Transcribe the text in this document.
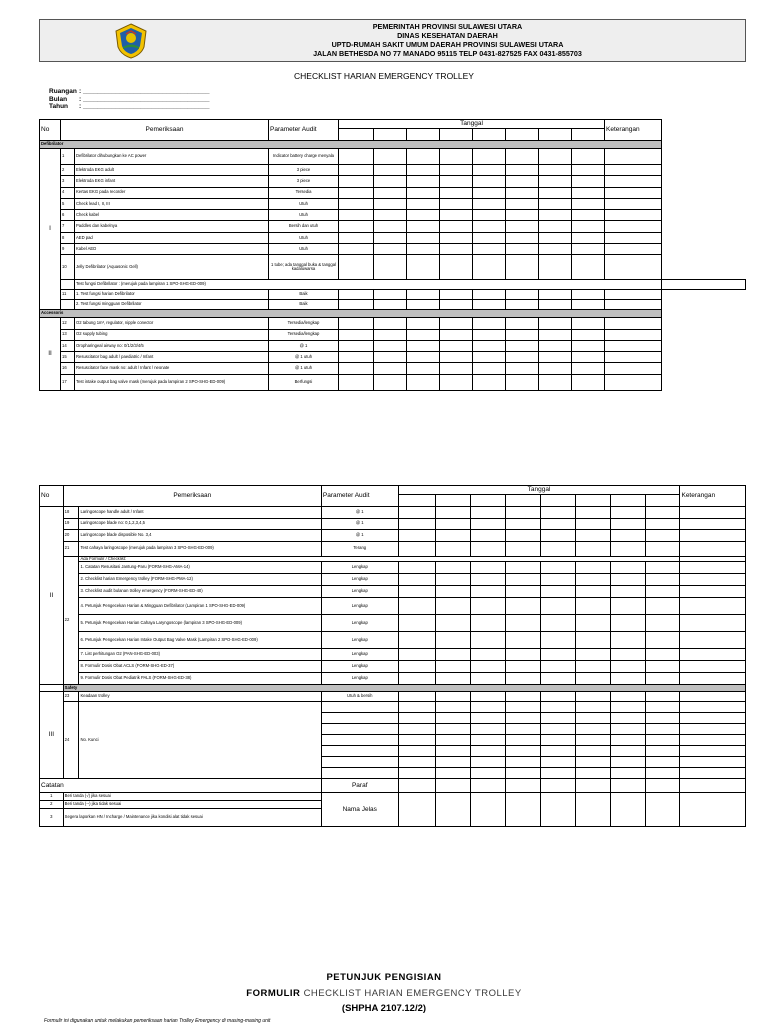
PEMERINTAH PROVINSI SULAWESI UTARA
DINAS KESEHATAN DAERAH
UPTD-RUMAH SAKIT UMUM DAERAH PROVINSI SULAWESI UTARA
JALAN BETHESDA NO 77 MANADO 95115 TELP 0431-827525 FAX 0431-855703
CHECKLIST HARIAN EMERGENCY TROLLEY
Ruangan : ___________________________________
Bulan : ___________________________________
Tahun : ___________________________________
No	Pemeriksaan		Parameter Audit	Tanggal								Keterangan	

Defibrilator													
I	1	Defibrilator dihubungkan ke AC power	Indicator battery charge menyala										
	2	Elektroda EKG adult	3 piece										
	3	Elektroda EKG infant	3 piece										
	4	Kertas EKG pada recorder	Tersedia										
	5	Check lead I, II, III	Utuh										
	6	Check kabel	Utuh										
	7	Paddles dan kabelnya	Bersih dan utuh										
	8	AED pad	Utuh										
	9	Kabel AED	Utuh										
	10	Jelly Defibrilator (Aquasonic Gell)	1 tube; ada tanggal buka & tanggal kadaluwarsa										
		Test fungsi Defibrilator : (merujuk pada lampiran 1 SPO-SHG-ED-009)											
	11	1. Test fungsi harian Defibrilator	Baik										
		2. Test fungsi mingguan Defibrilator	Baik										
Accessoris													
II	12	O2 tabung 1m³, regulator, nipple conector	Tersedia/lengkap										
	13	O2 supply tubing	Tersedia/lengkap										
	14	Oropharingeal airway no: 0/1/2/3/4/5	@ 1										
	15	Resuscitator bag adult / paediatric / Infant	@ 1 utuh										
	16	Resuscitator face mask no: adult / Infant / neonate	@ 1 utuh										
	17	Test intake output bag valve mask (merujuk pada lampiran 2 SPO-SHG-ED-009)	Berfungsi										
No	Pemeriksaan		Parameter Audit	Tanggal								Keterangan

II	18	Laringoscope handle adult / Infant	@ 1									
	19	Laringoscope blade no: 0,1,2,3,4,5	@ 1									
	20	Laringoscope blade disposible No. 3,4	@ 1									
	21	Test cahaya laringoscope (merujuk pada lampiran 3 SPO-SHG-ED-009)	Terang									
	22	Ada Formulir / Checklist:										
		1. Catatan Resusitasi Jantung-Paru (FORM-SHG-AMA-14)	Lengkap									
		2. Checklist harian Emergency trolley (FORM-SHG-PMA-12)	Lengkap									
		3. Checklist audit bulanan trolley emergency (FORM-SHG-ED-40)	Lengkap									
		4. Petunjuk Pengecekan Harian & Mingguan Defibrilator (Lampiran 1 SPO-SHG-ED-009)	Lengkap									
		5. Petunjuk Pengecekan Harian Cahaya Laryngoscope (lampiran 3 SPO-SHG-ED-009)	Lengkap									
		6. Petunjuk Pengecekan Harian Intake Output Bag Valve Mask (Lampiran 2 SPO-SHG-ED-009)	Lengkap									
		7. List perhitungan O2 (PAN-SHG-ED-003)	Lengkap									
		8. Formulir Dosis Obat ACLS (FORM-SHG-ED-37)	Lengkap									
		9. Formulir Dosis Obat Pediatrik PALS (FORM-SHG-ED-38)	Lengkap									
	Safety											
III	23	Keadaan trolley	Utuh & bersih									
	24	No. Kunci										

Catatan			Paraf									
1	Beri tanda (√) jika sesuai		Nama Jelas									
2	Beri tanda (--) jika tidak sesuai											
3	Segera laporkan HN / Incharge / Maintenance jika kondisi alat tidak sesuai											
PETUNJUK PENGISIAN
FORMULIR CHECKLIST HARIAN EMERGENCY TROLLEY
(SHPHA 2107.12/2)
Formulir ini digunakan untuk melakukan pemeriksaan harian Trolley Emergency di masing-masing unit
